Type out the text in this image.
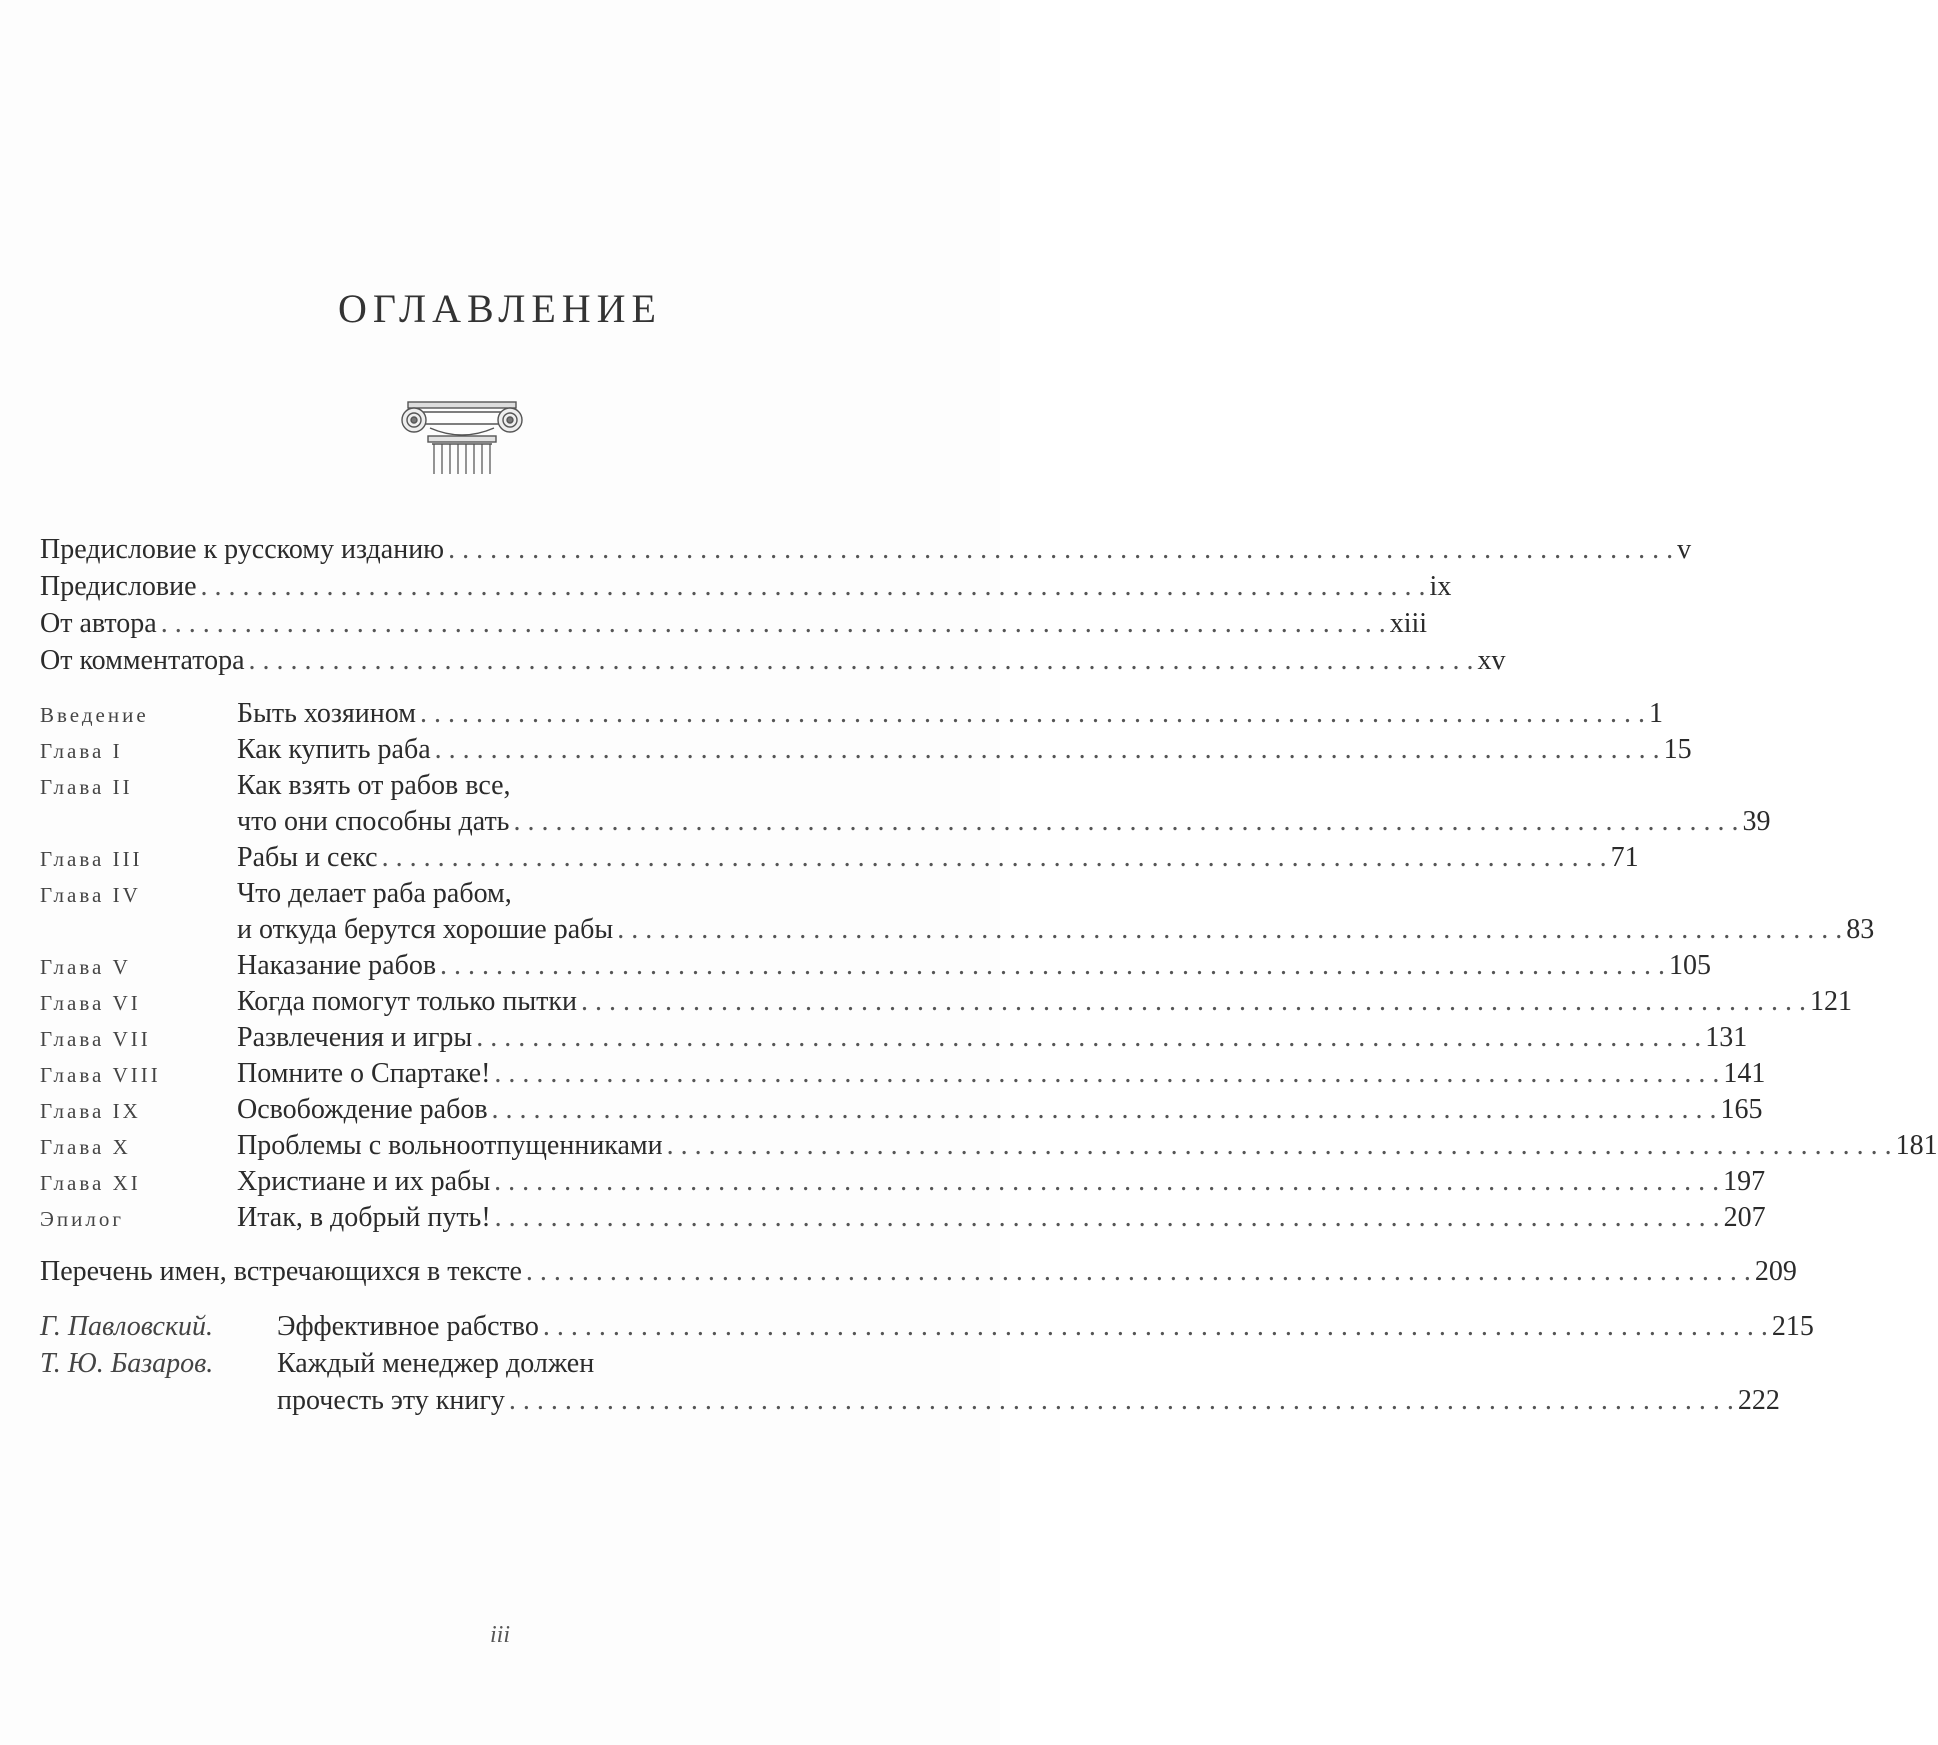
ОГЛАВЛЕНИЕ
Предисловие к русскому изданию . . .	v
Предисловие . . .	ix
От автора . . .	xiii
От комментатора . . .	xv
Введение	Быть хозяином . . .	1
Глава I	Как купить раба . . .	15
Глава II	Как взять от рабов все,
что они способны дать . . .	39
Глава III	Рабы и секс . . .	71
Глава IV	Что делает раба рабом,
и откуда берутся хорошие рабы . . .	83
Глава V	Наказание рабов . . .	105
Глава VI	Когда помогут только пытки . . .	121
Глава VII	Развлечения и игры . . .	131
Глава VIII	Помните о Спартаке! . . .	141
Глава IX	Освобождение рабов . . .	165
Глава X	Проблемы с вольноотпущенниками . . .	181
Глава XI	Христиане и их рабы . . .	197
Эпилог	Итак, в добрый путь! . . .	207
Перечень имен, встречающихся в тексте . . .	209
Г. Павловский.	Эффективное рабство . . .	215
Т. Ю. Базаров.	Каждый менеджер должен
прочесть эту книгу . . .	222
iii
